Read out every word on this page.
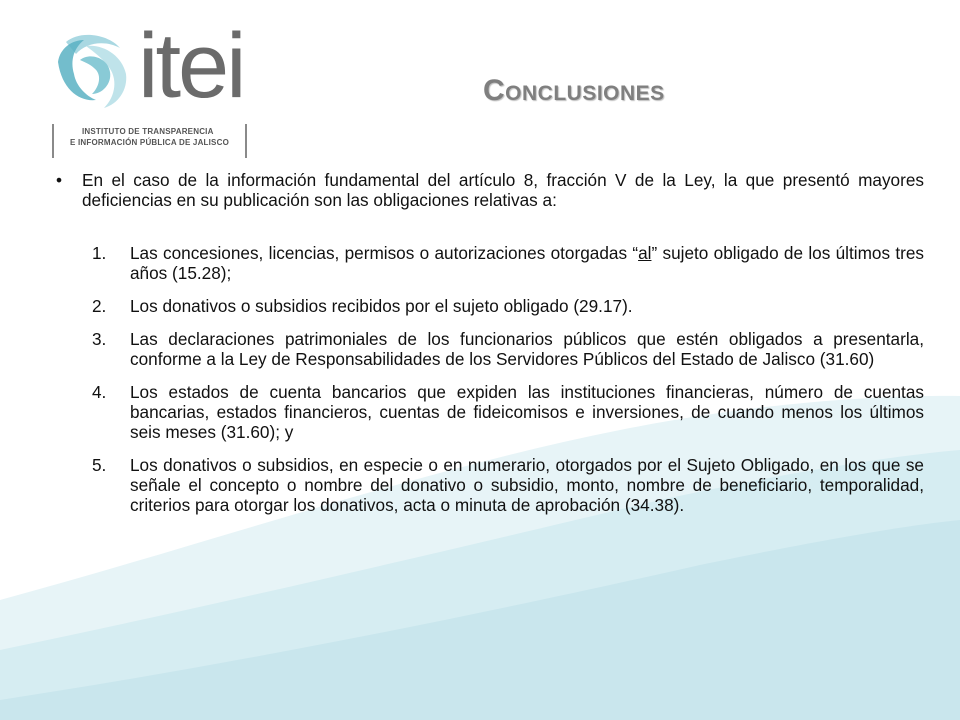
itei
INSTITUTO DE TRANSPARENCIA
E INFORMACIÓN PÚBLICA DE JALISCO
Conclusiones
•	En el caso de la información fundamental del artículo 8, fracción V de la Ley, la que presentó mayores deficiencias en su publicación son las obligaciones relativas a:
1.	Las concesiones, licencias, permisos o autorizaciones otorgadas “al” sujeto obligado de los últimos tres años (15.28);
2.	Los donativos o subsidios recibidos por el sujeto obligado (29.17).
3.	Las declaraciones patrimoniales de los funcionarios públicos que estén obligados a presentarla, conforme a la Ley de Responsabilidades de los Servidores Públicos del Estado de Jalisco (31.60)
4.	Los estados de cuenta bancarios que expiden las instituciones financieras, número de cuentas bancarias, estados financieros, cuentas de fideicomisos e inversiones, de cuando menos los últimos seis meses (31.60); y
5.	Los donativos o subsidios, en especie o en numerario, otorgados por el Sujeto Obligado, en los que se señale el concepto o nombre del donativo o subsidio, monto, nombre de beneficiario, temporalidad, criterios para otorgar los donativos, acta o minuta de aprobación (34.38).
